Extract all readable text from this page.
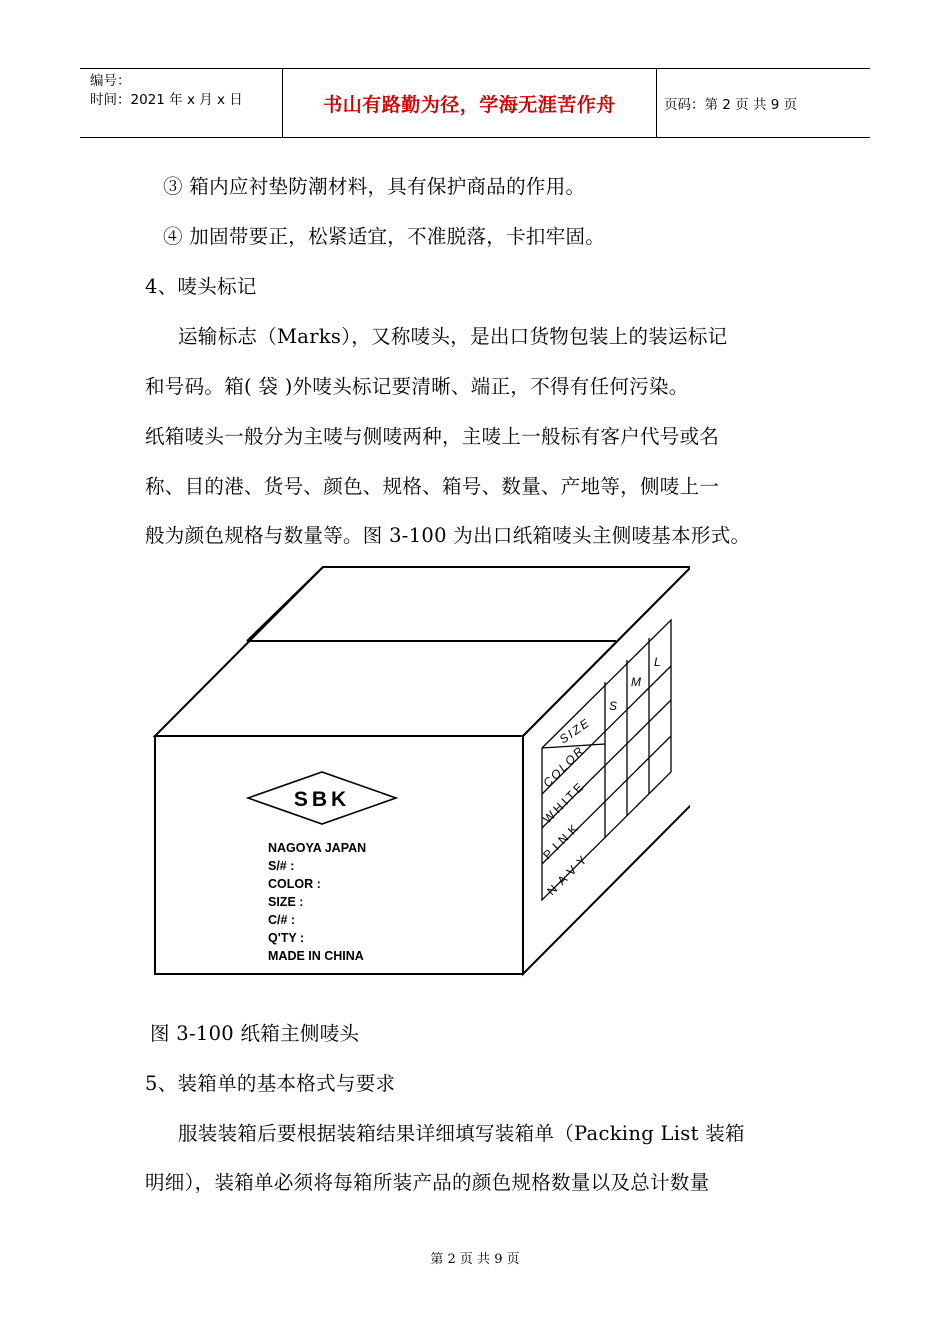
编号：
时间：2021 年 x 月 x 日	书山有路勤为径，学海无涯苦作舟	页码：第 2 页 共 9 页
③ 箱内应衬垫防潮材料，具有保护商品的作用。
④ 加固带要正，松紧适宜，不准脱落，卡扣牢固。
4、唛头标记
运输标志（Marks），又称唛头，是出口货物包装上的装运标记
和号码。箱( 袋 )外唛头标记要清晰、端正，不得有任何污染。
纸箱唛头一般分为主唛与侧唛两种，主唛上一般标有客户代号或名
称、目的港、货号、颜色、规格、箱号、数量、产地等，侧唛上一
般为颜色规格与数量等。图 3-100 为出口纸箱唛头主侧唛基本形式。
SBK
NAGOYA JAPAN
S/# :
COLOR :
SIZE :
C/# :
Q'TY :
MADE IN CHINA
SIZE
COLOR
S
M
L
WHITE
PINK
NAVY
图 3-100 纸箱主侧唛头
5、装箱单的基本格式与要求
服装装箱后要根据装箱结果详细填写装箱单（Packing List 装箱
明细），装箱单必须将每箱所装产品的颜色规格数量以及总计数量
第 2 页 共 9 页
